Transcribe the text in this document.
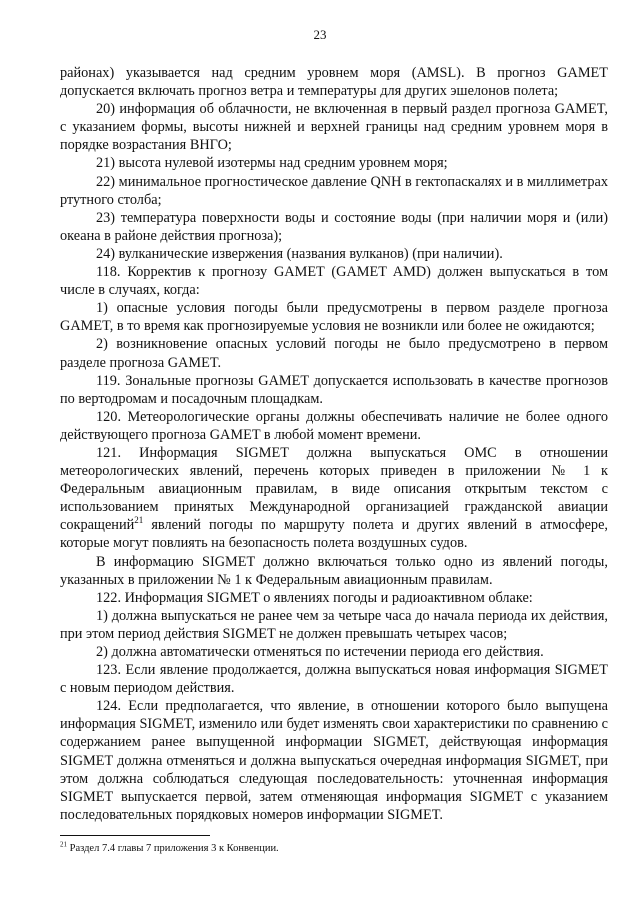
23

районах) указывается над средним уровнем моря (AMSL). В прогноз GAMET допускается включать прогноз ветра и температуры для других эшелонов полета;

20) информация об облачности, не включенная в первый раздел прогноза GAMET, с указанием формы, высоты нижней и верхней границы над средним уровнем моря в порядке возрастания ВНГО;

21) высота нулевой изотермы над средним уровнем моря;

22) минимальное прогностическое давление QNH в гектопаскалях и в миллиметрах ртутного столба;

23) температура поверхности воды и состояние воды (при наличии моря и (или) океана в районе действия прогноза);

24) вулканические извержения (названия вулканов) (при наличии).

118. Корректив к прогнозу GAMET (GAMET AMD) должен выпускаться в том числе в случаях, когда:

1) опасные условия погоды были предусмотрены в первом разделе прогноза GAMET, в то время как прогнозируемые условия не возникли или более не ожидаются;

2) возникновение опасных условий погоды не было предусмотрено в первом разделе прогноза GAMET.

119. Зональные прогнозы GAMET допускается использовать в качестве прогнозов по вертодромам и посадочным площадкам.

120. Метеорологические органы должны обеспечивать наличие не более одного действующего прогноза GAMET в любой момент времени.

121. Информация SIGMET должна выпускаться ОМС в отношении метеорологических явлений, перечень которых приведен в приложении № 1 к Федеральным авиационным правилам, в виде описания открытым текстом с использованием принятых Международной организацией гражданской авиации сокращений$^{21}$ явлений погоды по маршруту полета и других явлений в атмосфере, которые могут повлиять на безопасность полета воздушных судов.

В информацию SIGMET должно включаться только одно из явлений погоды, указанных в приложении № 1 к Федеральным авиационным правилам.

122. Информация SIGMET о явлениях погоды и радиоактивном облаке:

1) должна выпускаться не ранее чем за четыре часа до начала периода их действия, при этом период действия SIGMET не должен превышать четырех часов;

2) должна автоматически отменяться по истечении периода его действия.

123. Если явление продолжается, должна выпускаться новая информация SIGMET с новым периодом действия.

124. Если предполагается, что явление, в отношении которого было выпущена информация SIGMET, изменило или будет изменять свои характеристики по сравнению с содержанием ранее выпущенной информации SIGMET, действующая информация SIGMET должна отменяться и должна выпускаться очередная информация SIGMET, при этом должна соблюдаться следующая последовательность: уточненная информация SIGMET выпускается первой, затем отменяющая информация SIGMET с указанием последовательных порядковых номеров информации SIGMET.

$^{21}$ Раздел 7.4 главы 7 приложения 3 к Конвенции.
